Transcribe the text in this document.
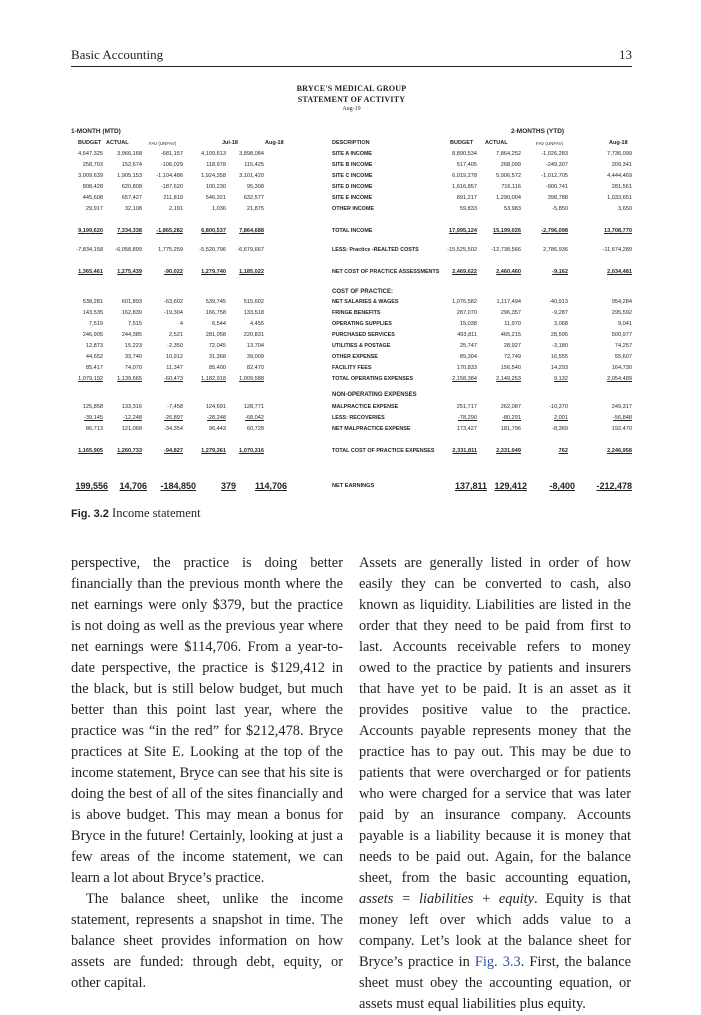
Basic Accounting	13
BRYCE'S MEDICAL GROUP
STATEMENT OF ACTIVITY
Aug-19
1-MONTH (MTD)	2-MONTHS (YTD)
BUDGET ACTUAL	FAV (UNFAV)	Jul-18	Aug-18	DESCRIPTION	BUDGET ACTUAL	FAV (UNFAV)	Aug-18
COST OF PRACTICE:
NON-OPERATING EXPENSES
4,647,325	3,966,168	-681,157	4,109,613 3,898,084	SITE A INCOME	8,890,534	7,864,252	-1,026,283	7,736,099
258,703	152,674	-106,029	118,978	115,425	SITE B INCOME	517,405	268,099	-249,307	209,341
3,009,639	1,905,153	-1,104,486	1,924,358 3,101,420	SITE C INCOME	6,019,278	5,006,572	-1,012,705	4,444,469
808,428	620,808	-187,620	100,230	95,308	SITE D INCOME	1,616,857	716,116	-900,741	281,561
445,608	657,427	211,819	546,321	632,577	SITE E INCOME	891,217	1,290,004	398,788	1,033,651
29,917	32,108	2,191	1,036	21,875	OTHER INCOME	59,833	53,983	-5,850	3,650
9,199,620	7,334,338	-1,865,282	6,800,537 7,864,688	TOTAL INCOME	17,995,124	15,199,026	-2,796,098	13,708,770
-7,834,158 -6,058,899	1,775,259	-5,520,796 -6,679,667	LESS: Practice -REALTED COSTS	-15,525,502	-12,738,566	2,786,936	-11,674,289
1,365,461	1,275,439	-90,022	1,279,740 1,185,022	NET COST OF PRACTICE ASSESSMENTS 2,469,622	2,460,460	-9,162	2,034,481
538,281	601,893	-63,602	539,745	515,602	NET SALARIES & WAGES	1,076,582	1,117,494	-40,913	954,284
143,535	162,839	-19,304	166,758	133,518	FRINGE BENEFITS	287,070	296,357	-9,287	295,592
7,519	7,515	4	6,544	4,455	OPERATING SUPPLIES	15,038	11,970	3,068	9,041
246,905	244,385	2,521	281,058	220,831	PURCHASED SERVICES	493,811	465,215	28,595	500,977
12,873	15,223	-2,350	72,045	13,704	UTILITIES & POSTAGE	25,747	28,927	-3,180	74,257
44,652	33,740	10,912	31,368	39,009	OTHER EXPENSE	89,304	72,749	16,555	55,607
85,417	74,070	11,347	85,400	82,470	FACILITY FEES	170,833	156,540	14,293	164,730
1,079,192	1,139,665	-60,473	1,182,918 1,009,588	TOTAL OPERATING EXPENSES	2,158,384	2,149,253	9,132	2,054,489
125,858	133,316	-7,458	124,691	128,771	MALPRACTICE EXPENSE	251,717	262,087	-10,370	249,317
-39,145	-12,248	-26,897	-28,248	-68,042	LESS: RECOVERIES	-78,290	-80,291	2,001	-56,848
86,713	121,068	-34,354	96,443	60,728	NET MALPRACTICE EXPENSE	173,427	181,796	-8,369	192,470
1,165,905	1,260,733	-94,827	1,279,361 1,070,316	TOTAL COST OF PRACTICE EXPENSES	2,331,811	2,331,049	762	2,246,958
199,556	14,706	-184,850	379	114,706	NET EARNINGS	137,811 129,412	-8,400	-212,478
Fig. 3.2 Income statement

perspective, the practice is doing better financially than the previous month where the net earnings were only $379, but the practice is not doing as well as the previous year where net earnings were $114,706. From a year-to-date perspective, the practice is $129,412 in the black, but is still below budget, but much better than this point last year, where the practice was “in the red” for $212,478. Bryce practices at Site E. Looking at the top of the income statement, Bryce can see that his site is doing the best of all of the sites financially and is above budget. This may mean a bonus for Bryce in the future! Certainly, looking at just a few areas of the income statement, we can learn a lot about Bryce’s practice.

The balance sheet, unlike the income statement, represents a snapshot in time. The balance sheet provides information on how assets are funded: through debt, equity, or other capital.

Assets are generally listed in order of how easily they can be converted to cash, also known as liquidity. Liabilities are listed in the order that they need to be paid from first to last. Accounts receivable refers to money owed to the practice by patients and insurers that have yet to be paid. It is an asset as it provides positive value to the practice. Accounts payable represents money that the practice has to pay out. This may be due to patients that were overcharged or for patients who were charged for a service that was later paid by an insurance company. Accounts payable is a liability because it is money that needs to be paid out. Again, for the balance sheet, from the basic accounting equation, assets = liabilities + equity. Equity is that money left over which adds value to a company. Let’s look at the balance sheet for Bryce’s practice in Fig. 3.3. First, the balance sheet must obey the accounting equation, or assets must equal liabilities plus equity.
